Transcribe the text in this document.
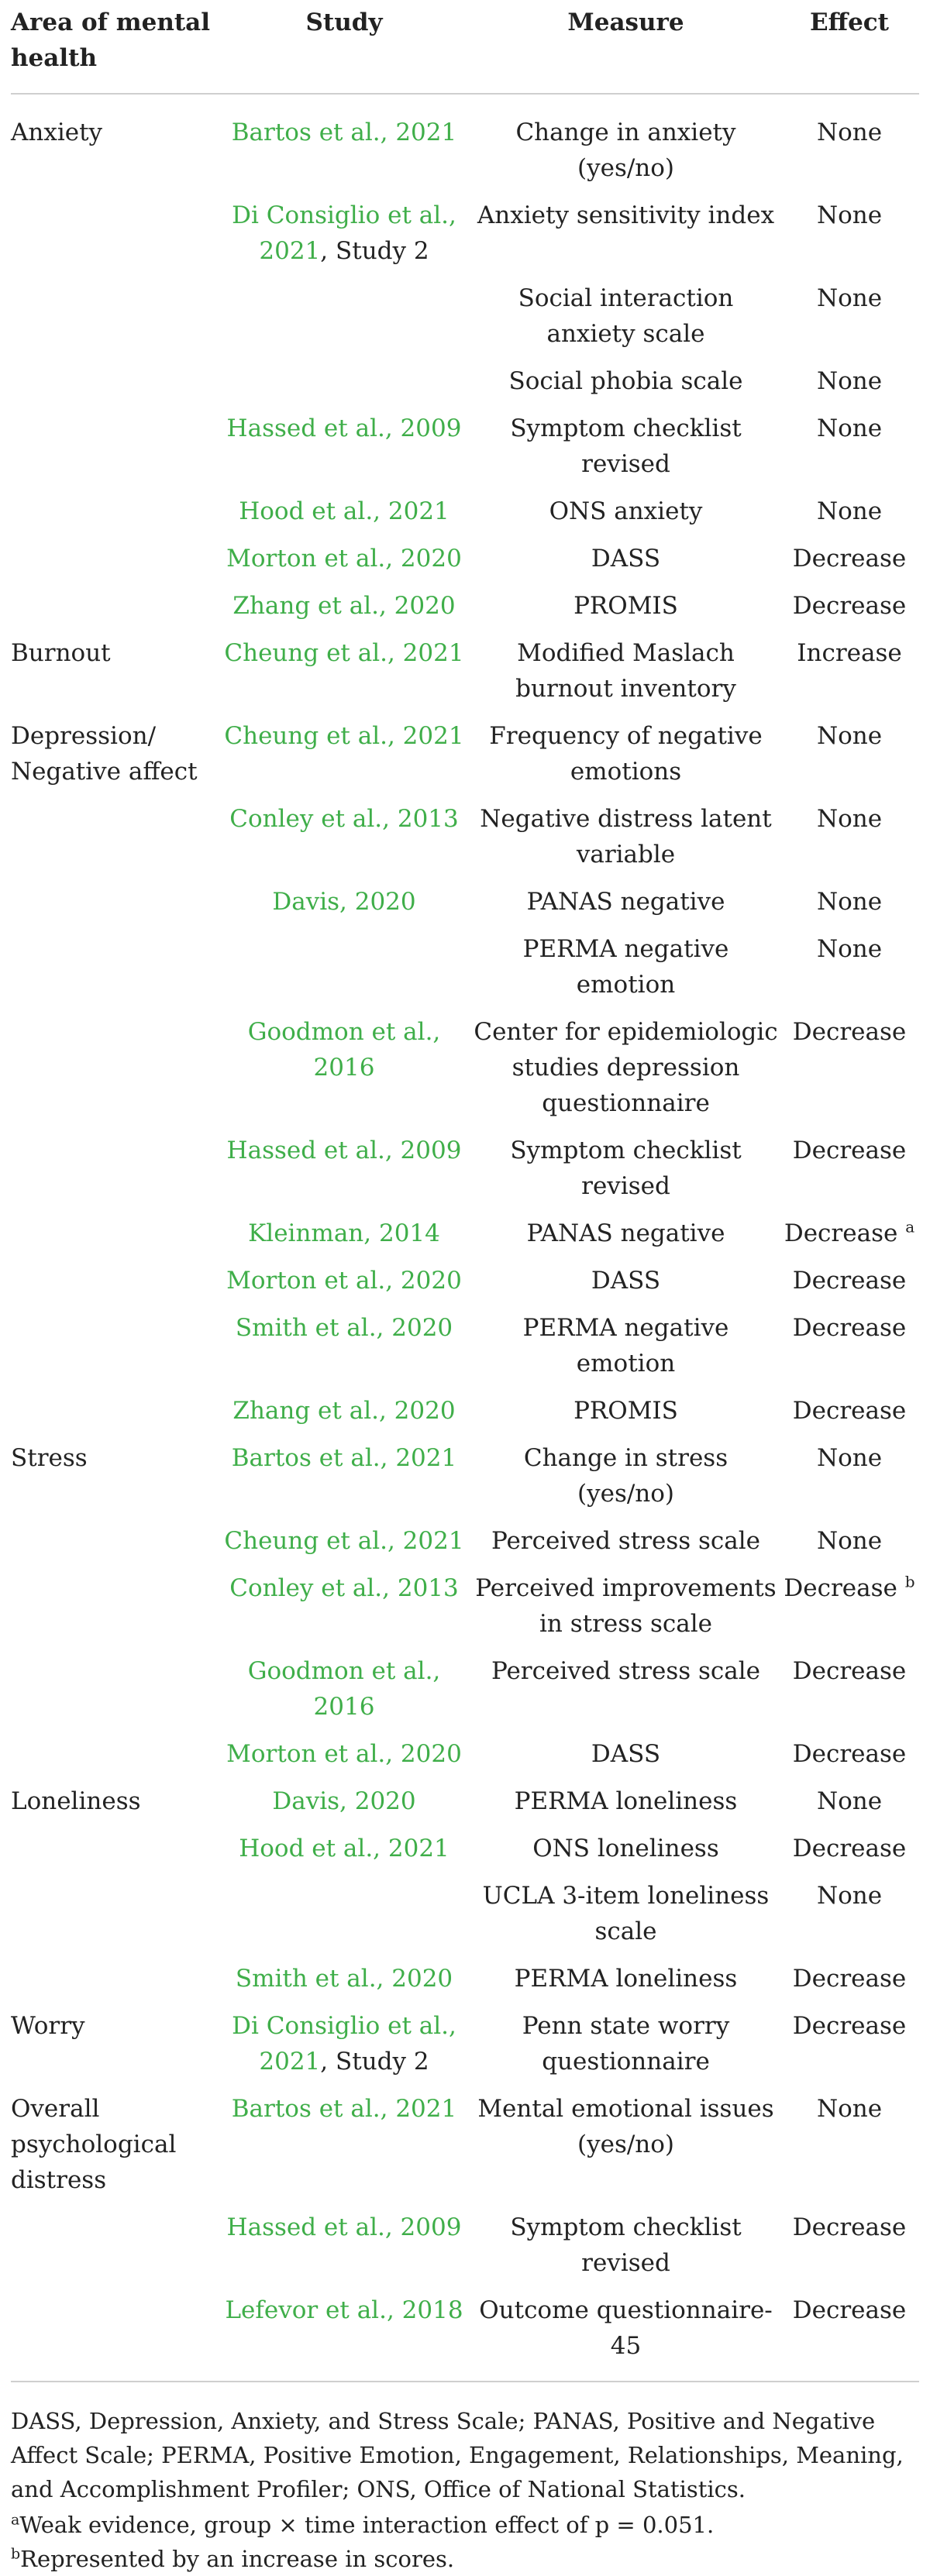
Area of mental health	Study	Measure	Effect
Anxiety	Bartos et al., 2021	Change in anxiety (yes/no)	None
	Di Consiglio et al., 2021, Study 2	Anxiety sensitivity index	None
		Social interaction anxiety scale	None
		Social phobia scale	None
	Hassed et al., 2009	Symptom checklist revised	None
	Hood et al., 2021	ONS anxiety	None
	Morton et al., 2020	DASS	Decrease
	Zhang et al., 2020	PROMIS	Decrease
Burnout	Cheung et al., 2021	Modified Maslach burnout inventory	Increase
Depression/ Negative affect	Cheung et al., 2021	Frequency of negative emotions	None
	Conley et al., 2013	Negative distress latent variable	None
	Davis, 2020	PANAS negative	None
		PERMA negative emotion	None
	Goodmon et al., 2016	Center for epidemiologic studies depression questionnaire	Decrease
	Hassed et al., 2009	Symptom checklist revised	Decrease
	Kleinman, 2014	PANAS negative	Decrease $^a$
	Morton et al., 2020	DASS	Decrease
	Smith et al., 2020	PERMA negative emotion	Decrease
	Zhang et al., 2020	PROMIS	Decrease
Stress	Bartos et al., 2021	Change in stress (yes/no)	None
	Cheung et al., 2021	Perceived stress scale	None
	Conley et al., 2013	Perceived improvements in stress scale	Decrease $^b$
	Goodmon et al., 2016	Perceived stress scale	Decrease
	Morton et al., 2020	DASS	Decrease
Loneliness	Davis, 2020	PERMA loneliness	None
	Hood et al., 2021	ONS loneliness	Decrease
		UCLA 3-item loneliness scale	None
	Smith et al., 2020	PERMA loneliness	Decrease
Worry	Di Consiglio et al., 2021, Study 2	Penn state worry questionnaire	Decrease
Overall psychological distress	Bartos et al., 2021	Mental emotional issues (yes/no)	None
	Hassed et al., 2009	Symptom checklist revised	Decrease
	Lefevor et al., 2018	Outcome questionnaire-45	Decrease

DASS, Depression, Anxiety, and Stress Scale; PANAS, Positive and Negative Affect Scale; PERMA, Positive Emotion, Engagement, Relationships, Meaning, and Accomplishment Profiler; ONS, Office of National Statistics.

$^a$Weak evidence, group × time interaction effect of p = 0.051.

$^b$Represented by an increase in scores.
